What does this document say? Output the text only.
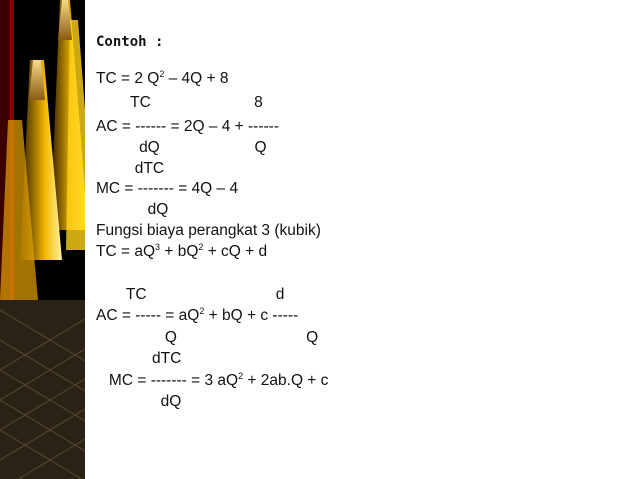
Contoh :
TC = 2 $Q^2 - 4Q + 8$
TC                        8
AC = ------ = 2Q – 4 + ------
dQ                      Q
dTC
MC = ------- = 4Q – 4
dQ
Fungsi biaya perangkat 3 (kubik)
TC = $aQ^3 + bQ^2$ + cQ + d
TC                              d
AC = ----- = $aQ^2$ + bQ + c -----
Q                              Q
dTC
MC = ------- = 3 $aQ^2 + 2ab.Q + c$
dQ
